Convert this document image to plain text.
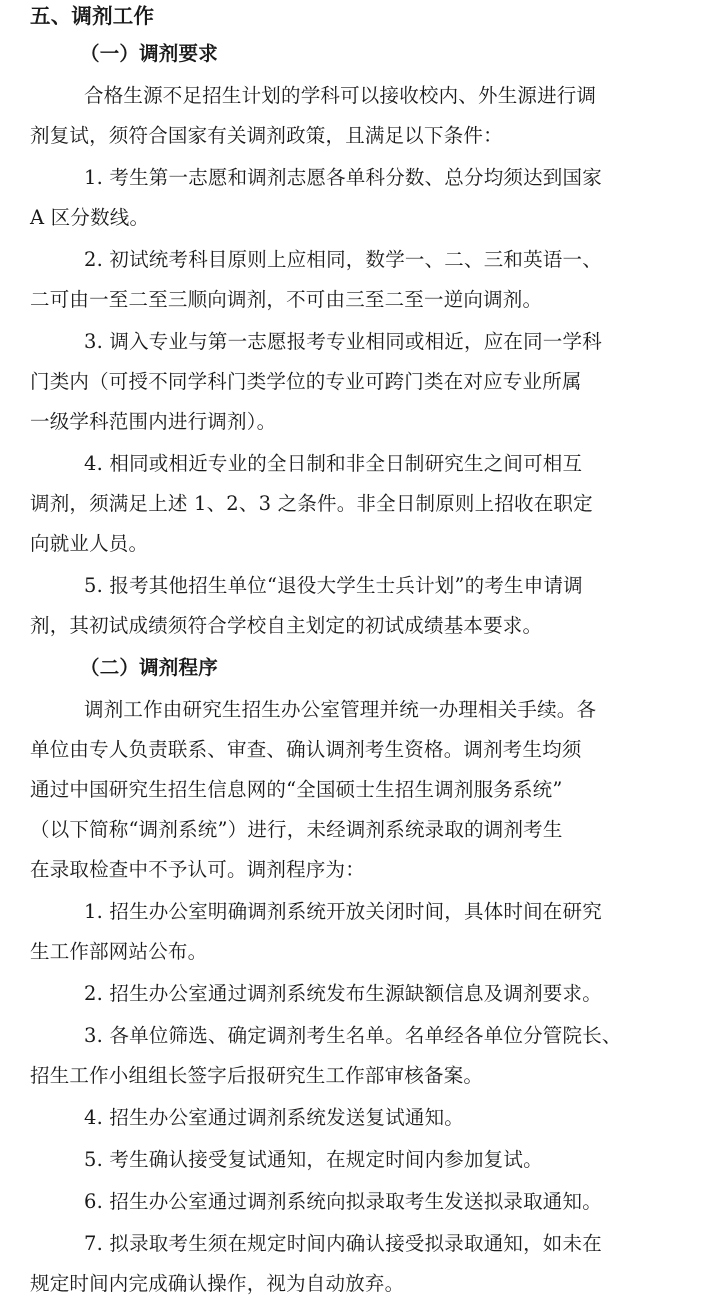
五、调剂工作
（一）调剂要求
合格生源不足招生计划的学科可以接收校内、外生源进行调
剂复试，须符合国家有关调剂政策，且满足以下条件：
1. 考生第一志愿和调剂志愿各单科分数、总分均须达到国家
A 区分数线。
2. 初试统考科目原则上应相同，数学一、二、三和英语一、
二可由一至二至三顺向调剂，不可由三至二至一逆向调剂。
3. 调入专业与第一志愿报考专业相同或相近，应在同一学科
门类内（可授不同学科门类学位的专业可跨门类在对应专业所属
一级学科范围内进行调剂）。
4. 相同或相近专业的全日制和非全日制研究生之间可相互
调剂，须满足上述 1、2、3 之条件。非全日制原则上招收在职定
向就业人员。
5. 报考其他招生单位“退役大学生士兵计划”的考生申请调
剂，其初试成绩须符合学校自主划定的初试成绩基本要求。
（二）调剂程序
调剂工作由研究生招生办公室管理并统一办理相关手续。各
单位由专人负责联系、审查、确认调剂考生资格。调剂考生均须
通过中国研究生招生信息网的“全国硕士生招生调剂服务系统”
（以下简称“调剂系统”）进行，未经调剂系统录取的调剂考生
在录取检查中不予认可。调剂程序为：
1. 招生办公室明确调剂系统开放关闭时间，具体时间在研究
生工作部网站公布。
2. 招生办公室通过调剂系统发布生源缺额信息及调剂要求。
3. 各单位筛选、确定调剂考生名单。名单经各单位分管院长、
招生工作小组组长签字后报研究生工作部审核备案。
4. 招生办公室通过调剂系统发送复试通知。
5. 考生确认接受复试通知，在规定时间内参加复试。
6. 招生办公室通过调剂系统向拟录取考生发送拟录取通知。
7. 拟录取考生须在规定时间内确认接受拟录取通知，如未在
规定时间内完成确认操作，视为自动放弃。
